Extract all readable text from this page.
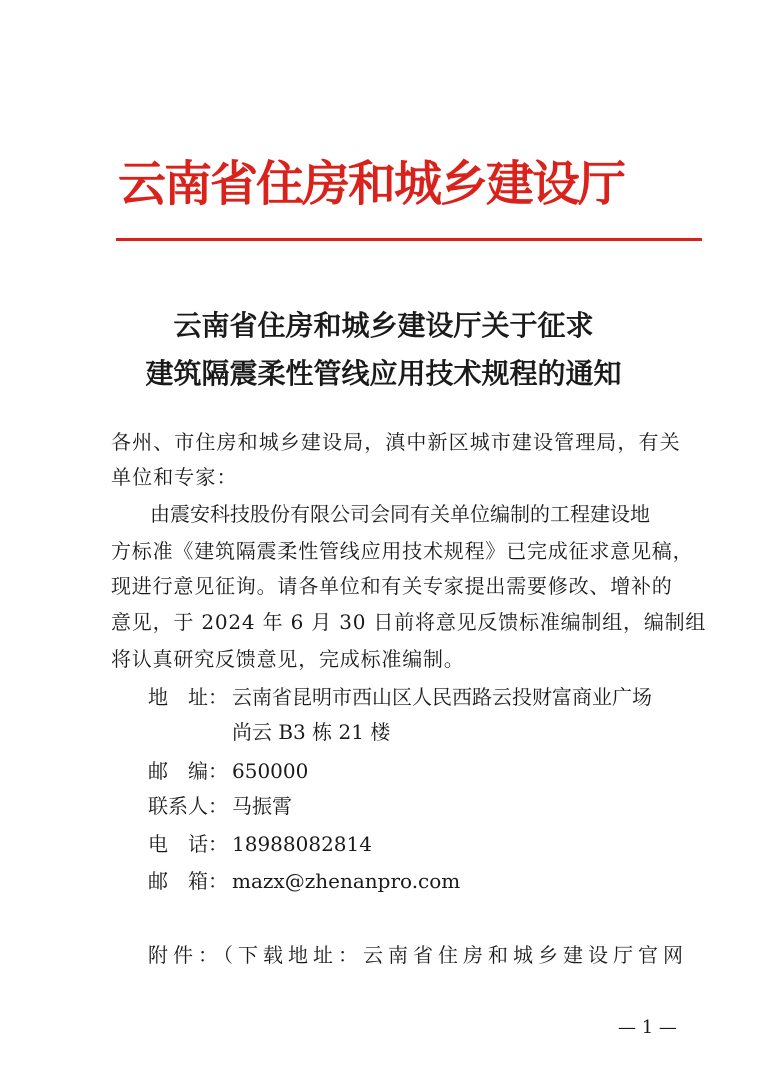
云南省住房和城乡建设厅
云南省住房和城乡建设厅关于征求
建筑隔震柔性管线应用技术规程的通知
各州、市住房和城乡建设局，滇中新区城市建设管理局，有关
单位和专家：
由震安科技股份有限公司会同有关单位编制的工程建设地
方标准《建筑隔震柔性管线应用技术规程》已完成征求意见稿，
现进行意见征询。请各单位和有关专家提出需要修改、增补的
意见，于 2024 年 6 月 30 日前将意见反馈标准编制组，编制组
将认真研究反馈意见，完成标准编制。
地　址： 云南省昆明市西山区人民西路云投财富商业广场
尚云 B3 栋 21 楼
邮　编： 650000
联系人： 马振霄
电　话： 18988082814
邮　箱： mazx@zhenanpro.com
附件：（下载地址：云南省住房和城乡建设厅官网
— 1 —
